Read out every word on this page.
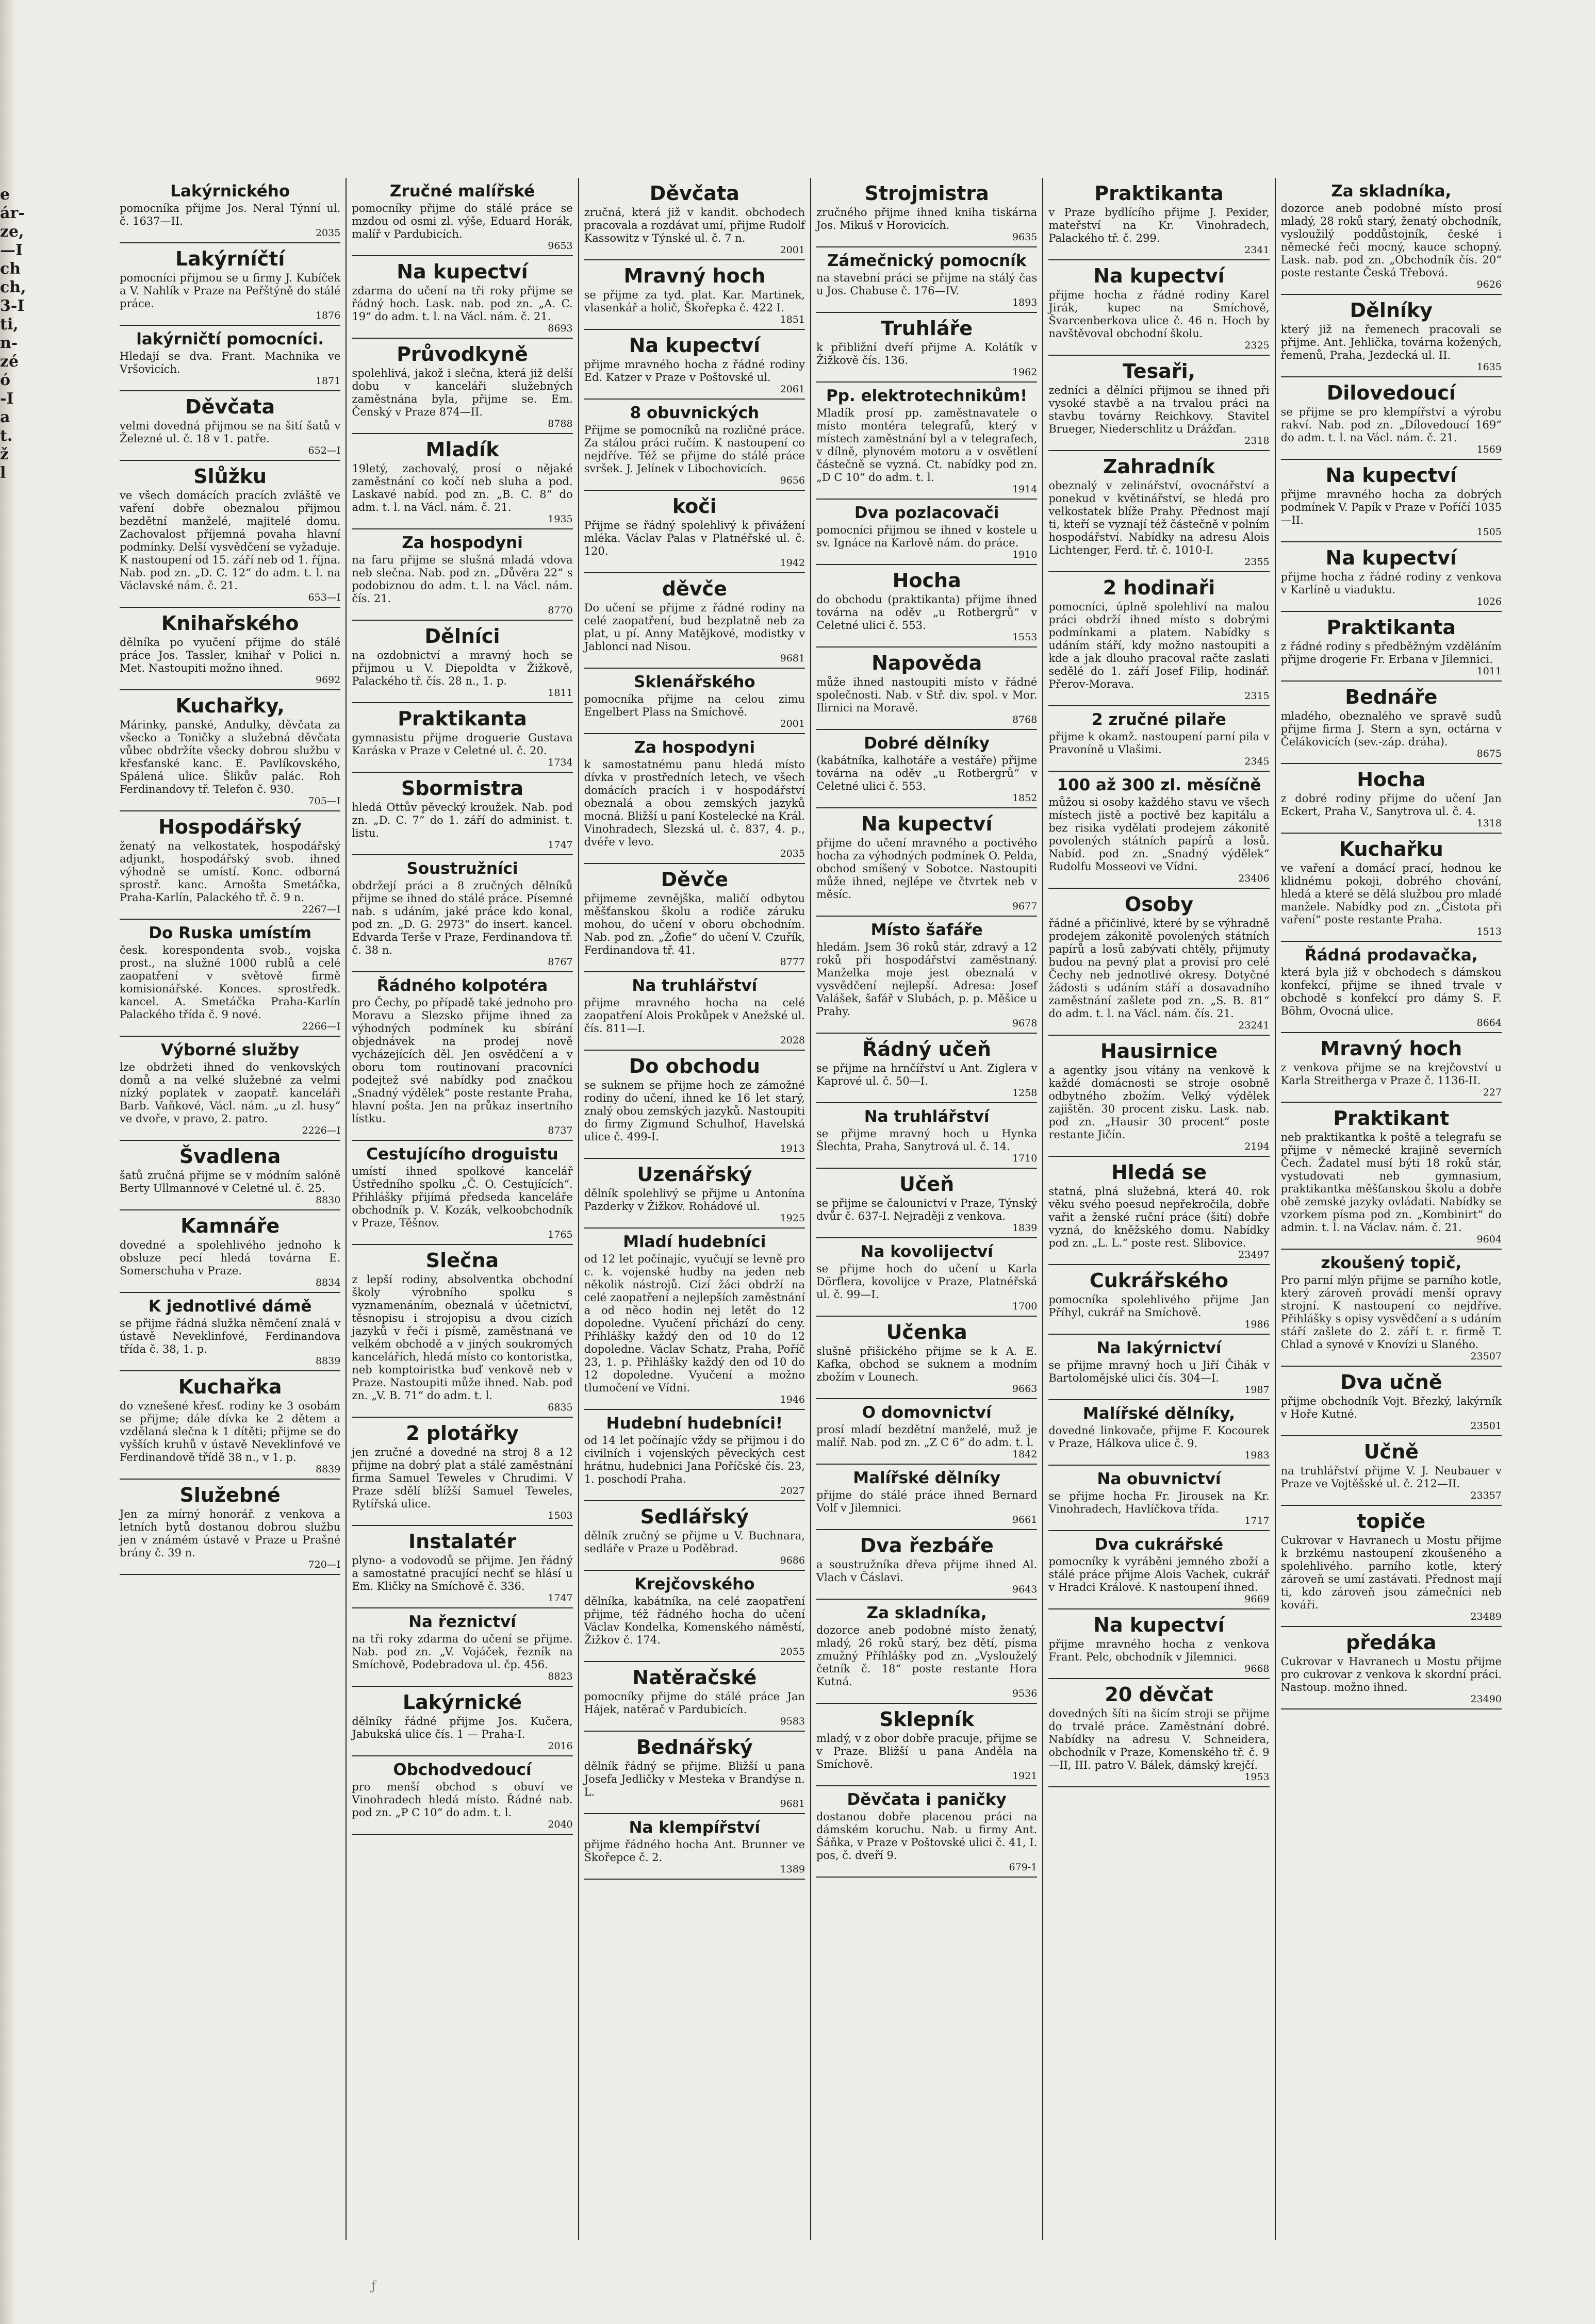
e
ár-
ze,
—I
ch
ch,
3-I
ti,
n-
zé
ó
-I
a
t.
ž
l
Lakýrnického

pomocníka přijme Jos. Neral Týnní ul. č. 1637—II.

2035
Lakýrníčtí

pomocníci přijmou se u firmy J. Kubíček a V. Nahlík v Praze na Peřštýně do stálé práce.

1876
lakýrničtí pomocníci.

Hledají se dva. Frant. Machnika ve Vršovicích.

1871
Děvčata

velmi dovedná přijmou se na šití šatů v Železné ul. č. 18 v 1. patře.

652—I
Slůžku

ve všech domácích pracích zvláště ve vaření dobře obeznalou přijmou bezdětní manželé, majitelé domu. Zachovalost příjemná povaha hlavní podmínky. Delší vysvědčení se vyžaduje. K nastoupení od 15. září neb od 1. října. Nab. pod zn. „D. C. 12“ do adm. t. l. na Václavské nám. č. 21.

653—I
Knihařského

dělníka po vyučení přijme do stálé práce Jos. Tassler, knihař v Polici n. Met. Nastoupiti možno ihned.

9692
Kuchařky,

Márinky, panské, Andulky, děvčata za všecko a Toničky a služebná děvčata vůbec obdržíte všecky dobrou službu v křesťanské kanc. E. Pavlíkovského, Spálená ulice. Šlikův palác. Roh Ferdinandovy tř. Telefon č. 930.

705—I
Hospodářský

ženatý na velkostatek, hospodářský adjunkt, hospodářský svob. ihned výhodně se umístí. Konc. odborná sprostř. kanc. Arnošta Smetáčka, Praha-Karlín, Palackého tř. č. 9 n.

2267—I
Do Ruska umístím

česk. korespondenta svob., vojska prost., na služné 1000 rublů a celé zaopatření v světově firmě komisionářské. Konces. sprostředk. kancel. A. Smetáčka Praha-Karlín Palackého třída č. 9 nové.

2266—I
Výborné služby

lze obdržeti ihned do venkovských domů a na velké služebné za velmi nízký poplatek v zaopatř. kanceláři Barb. Vaňkové, Václ. nám. „u zl. husy“ ve dvoře, v pravo, 2. patro.

2226—I
Švadlena

šatů zručná přijme se v módním salóně Berty Ullmannové v Celetné ul. č. 25.

8830
Kamnáře

dovedné a spolehlivého jednoho k obsluze pecí hledá továrna E. Somerschuha v Praze.

8834
K jednotlivé dámě

se přijme řádná služka němčení znalá v ústavě Neveklinfové, Ferdinandova třída č. 38, 1. p.

8839
Kuchařka

do vznešené křesť. rodiny ke 3 osobám se přijme; dále dívka ke 2 dětem a vzdělaná slečna k 1 dítěti; přijme se do vyšších kruhů v ústavě Neveklinfové ve Ferdinandově třídě 38 n., v 1. p.

8839
Služebné

Jen za mírný honorář. z venkova a letních bytů dostanou dobrou službu jen v známém ústavě v Praze u Prašné brány č. 39 n.

720—I
Zručné malířské

pomocníky přijme do stálé práce se mzdou od osmi zl. výše, Eduard Horák, malíř v Pardubicích.

9653
Na kupectví

zdarma do učení na tři roky přijme se řádný hoch. Lask. nab. pod zn. „A. C. 19“ do adm. t. l. na Václ. nám. č. 21.

8693
Průvodkyně

spolehlivá, jakož i slečna, která již delší dobu v kanceláři služebných zaměstnána byla, přijme se. Em. Čenský v Praze 874—II.

8788
Mladík

19letý, zachovalý, prosí o nějaké zaměstnání co kočí neb sluha a pod. Laskavé nabíd. pod zn. „B. C. 8“ do adm. t. l. na Václ. nám. č. 21.

1935
Za hospodyni

na faru přijme se slušná mladá vdova neb slečna. Nab. pod zn. „Důvěra 22“ s podobiznou do adm. t. l. na Václ. nám. čís. 21.

8770
Dělníci

na ozdobnictví a mravný hoch se přijmou u V. Diepoldta v Žižkově, Palackého tř. čís. 28 n., 1. p.

1811
Praktikanta

gymnasistu přijme droguerie Gustava Karáska v Praze v Celetné ul. č. 20.

1734
Sbormistra

hledá Ottův pěvecký kroužek. Nab. pod zn. „D. C. 7“ do 1. září do administ. t. listu.

1747
Soustružníci

obdržejí práci a 8 zručných dělníků přijme se ihned do stálé práce. Písemné nab. s udáním, jaké práce kdo konal, pod zn. „D. G. 2973“ do insert. kancel. Edvarda Terše v Praze, Ferdinandova tř. č. 38 n.

8767
Řádného kolpotéra

pro Čechy, po případě také jednoho pro Moravu a Slezsko přijme ihned za výhodných podmínek ku sbírání objednávek na prodej nově vycházejících děl. Jen osvědčení a v oboru tom routinovaní pracovníci podejtež své nabídky pod značkou „Snadný výdělek“ poste restante Praha, hlavní pošta. Jen na průkaz insertního lístku.

8737
Cestujícího droguistu

umístí ihned spolkové kancelář Ústředního spolku „Č. O. Cestujících“. Přihlášky přijímá předseda kanceláře obchodník p. V. Kozák, velkoobchodník v Praze, Těšnov.

1765
Slečna

z lepší rodiny, absolventka obchodní školy výrobního spolku s vyznamenáním, obeznalá v účetnictví, těsnopisu i strojopisu a dvou cizích jazyků v řeči i písmě, zaměstnaná ve velkém obchodě a v jiných soukromých kancelářích, hledá místo co kontoristka, neb komptoiristka buď venkově neb v Praze. Nastoupiti může ihned. Nab. pod zn. „V. B. 71“ do adm. t. l.

6835
2 plotářky

jen zručné a dovedné na stroj 8 a 12 přijme na dobrý plat a stálé zaměstnání firma Samuel Teweles v Chrudimi. V Praze sdělí blížší Samuel Teweles, Rytířská ulice.

1503
Instalatér

plyno- a vodovodů se přijme. Jen řádný a samostatné pracující nechť se hlásí u Em. Kličky na Smíchově č. 336.

1747
Na řeznictví

na tři roky zdarma do učení se přijme. Nab. pod zn. „V. Vojáček, řezník na Smíchově, Podebradova ul. čp. 456.

8823
Lakýrnické

dělníky řádné přijme Jos. Kučera, Jabukská ulice čís. 1 — Praha-I.

2016
Obchodvedoucí

pro menší obchod s obuví ve Vinohradech hledá místo. Řádné nab. pod zn. „P C 10“ do adm. t. l.

2040
Děvčata

zručná, která již v kandit. obchodech pracovala a rozdávat umí, přijme Rudolf Kassowitz v Týnské ul. č. 7 n.

2001
Mravný hoch

se přijme za tyd. plat. Kar. Martinek, vlasenkář a holič, Škořepka č. 422 I.

1851
Na kupectví

přijme mravného hocha z řádné rodiny Ed. Katzer v Praze v Poštovské ul.

2061
8 obuvnických

Přijme se pomocníků na rozličné práce. Za stálou práci ručím. K nastoupení co nejdříve. Též se přijme do stálé práce svršek. J. Jelínek v Libochovicích.

9656
koči

Přijme se řádný spolehlivý k přivážení mléka. Václav Palas v Platnéřské ul. č. 120.

1942
děvče

Do učení se přijme z řádné rodiny na celé zaopatření, bud bezplatně neb za plat, u pí. Anny Matějkové, modistky v Jablonci nad Nisou.

9681
Sklenářského

pomocníka přijme na celou zimu Engelbert Plass na Smíchově.

2001
Za hospodyni

k samostatnému panu hledá místo dívka v prostředních letech, ve všech domácích pracích i v hospodářství obeznalá a obou zemských jazyků mocná. Bližší u paní Kostelecké na Král. Vinohradech, Slezská ul. č. 837, 4. p., dvéře v levo.

2035
Děvče

přijmeme zevnějška, maličí odbytou měšťanskou školu a rodiče záruku mohou, do učení v oboru obchodním. Nab. pod zn. „Žofie“ do učení V. Czuřík, Ferdinandova tř. 41.

8777
Na truhlářství

přijme mravného hocha na celé zaopatření Alois Prokůpek v Anežské ul. čís. 811—I.

2028
Do obchodu

se suknem se přijme hoch ze zámožné rodiny do učení, ihned ke 16 let starý, znalý obou zemských jazyků. Nastoupiti do firmy Zigmund Schulhof, Havelská ulice č. 499-I.

1913
Uzenářský

dělník spolehlivý se přijme u Antonína Pazderky v Žižkov. Rohádové ul.

1925
Mladí hudebníci

od 12 let počínajíc, vyučují se levně pro c. k. vojenské hudby na jeden neb několik nástrojů. Cizí žáci obdrží na celé zaopatření a nejlepších zaměstnání a od něco hodin nej letět do 12 dopoledne. Vyučení přichází do ceny. Přihlášky každý den od 10 do 12 dopoledne. Václav Schatz, Praha, Poříč 23, 1. p. Přihlášky každý den od 10 do 12 dopoledne. Vyučení a možno tlumočení ve Vídni.

1946
Hudební hudebníci!

od 14 let počínajíc vždy se přijmou i do civilních i vojenských pěveckých cest hrátnu, hudebnici Jana Poříčské čís. 23, 1. poschodí Praha.

2027
Sedlářský

dělník zručný se přijme u V. Buchnara, sedláře v Praze u Poděbrad.

9686
Krejčovského

dělníka, kabátníka, na celé zaopatření přijme, též řádného hocha do učení Václav Kondelka, Komenského náměstí, Žižkov č. 174.

2055
Natěračské

pomocníky přijme do stálé práce Jan Hájek, natěrač v Pardubicích.

9583
Bednářský

dělník řádný se přijme. Bližší u pana Josefa Jedličky v Mesteka v Brandýse n. L.

9681
Na klempířství

přijme řádného hocha Ant. Brunner ve Škořepce č. 2.

1389
Strojmistra

zručného přijme ihned kniha tiskárna Jos. Mikuš v Horovicích.

9635
Zámečnický pomocník

na stavební práci se přijme na stálý čas u Jos. Chabuse č. 176—IV.

1893
Truhláře

k přibližní dveří přijme A. Kolátík v Žižkově čís. 136.

1962
Pp. elektrotechnikům!

Mladík prosí pp. zaměstnavatele o místo montéra telegrafů, který v místech zaměstnání byl a v telegrafech, v dílně, plynovém motoru a v osvětlení částečně se vyzná. Ct. nabídky pod zn. „D C 10“ do adm. t. l.

1914
Dva pozlacovači

pomocníci přijmou se ihned v kostele u sv. Ignáce na Karlově nám. do práce.

1910
Hocha

do obchodu (praktikanta) přijme ihned továrna na oděv „u Rotbergrů“ v Celetné ulici č. 553.

1553
Napověda

může ihned nastoupiti místo v řádné společnosti. Nab. v Stř. div. spol. v Mor. Ilirnici na Moravě.

8768
Dobré dělníky

(kabátníka, kalhotáře a vestáře) přijme továrna na oděv „u Rotbergrů“ v Celetné ulici č. 553.

1852
Na kupectví

přijme do učení mravného a poctivého hocha za výhodných podmínek O. Pelda, obchod smíšený v Sobotce. Nastoupiti může ihned, nejlépe ve čtvrtek neb v měsíc.

9677
Místo šafáře

hledám. Jsem 36 roků stár, zdravý a 12 roků při hospodářství zaměstnaný. Manželka moje jest obeznalá v vysvědčení nejlepší. Adresa: Josef Valášek, šafář v Slubách, p. p. Měšice u Prahy.

9678
Řádný učeň

se přijme na hrnčířství u Ant. Ziglera v Kaprové ul. č. 50—I.

1258
Na truhlářství

se přijme mravný hoch u Hynka Šlechta, Praha, Sanytrová ul. č. 14.

1710
Učeň

se přijme se čalounictví v Praze, Týnský dvůr č. 637-I. Nejraději z venkova.

1839
Na kovolijectví

se přijme hoch do učení u Karla Dörflera, kovolijce v Praze, Platnéřská ul. č. 99—I.

1700
Učenka

slušně přišického přijme se k A. E. Kafka, obchod se suknem a modním zbožím v Lounech.

9663
O domovnictví

prosí mladí bezdětní manželé, muž je malíř. Nab. pod zn. „Z C 6“ do adm. t. l.

1842
Malířské dělníky

přijme do stálé práce ihned Bernard Volf v Jilemnici.

9661
Dva řezbáře

a soustružníka dřeva přijme ihned Al. Vlach v Čáslavi.

9643
Za skladníka,

dozorce aneb podobné místo ženatý, mladý, 26 roků starý, bez dětí, písma zmužný Příhlášky pod zn. „Vyslouželý četník č. 18“ poste restante Hora Kutná.

9536
Sklepník

mladý, v z obor dobře pracuje, přijme se v Praze. Bližší u pana Anděla na Smíchově.

1921
Děvčata i paničky

dostanou dobře placenou práci na dámském koruchu. Nab. u firmy Ant. Šáňka, v Praze v Poštovské ulici č. 41, I. pos, č. dveří 9.

679-1
Praktikanta

v Praze bydlícího přijme J. Pexider, mateřství na Kr. Vinohradech, Palackého tř. č. 299.

2341
Na kupectví

přijme hocha z řádné rodiny Karel Jirák, kupec na Smíchově, Švarcenberkova ulice č. 46 n. Hoch by navštěvoval obchodní školu.

2325
Tesaři,

zedníci a dělníci přijmou se ihned při vysoké stavbě a na trvalou práci na stavbu továrny Reichkovy. Stavitel Brueger, Niederschlitz u Drážďan.

2318
Zahradník

obeznalý v zelinářství, ovocnářství a ponekud v květinářství, se hledá pro velkostatek blíže Prahy. Přednost mají ti, kteří se vyznají též částečně v polním hospodářství. Nabídky na adresu Alois Lichtenger, Ferd. tř. č. 1010-I.

2355
2 hodinaři

pomocníci, úplně spolehliví na malou práci obdrží ihned místo s dobrými podmínkami a platem. Nabídky s udáním stáří, kdy možno nastoupiti a kde a jak dlouho pracoval račte zaslati sedělé do 1. září Josef Filip, hodinář. Přerov-Morava.

2315
2 zručné pilaře

přijme k okamž. nastoupení parní pila v Pravoníně u Vlašimi.

2345
100 až 300 zl. měsíčně

můžou si osoby každého stavu ve všech místech jistě a poctivě bez kapitálu a bez risika vydělati prodejem zákonitě povolených státních papírů a losů. Nabíd. pod zn. „Snadný výdělek“ Rudolfu Mosseovi ve Vídni.

23406
Osoby

řádné a přičinlivé, které by se výhradně prodejem zákonitě povolených státních papírů a losů zabývati chtěly, přijmuty budou na pevný plat a provisí pro celé Čechy neb jednotlivé okresy. Dotyčné žádosti s udáním stáří a dosavadního zaměstnání zašlete pod zn. „S. B. 81“ do adm. t. l. na Václ. nám. čís. 21.

23241
Hausirnice

a agentky jsou vítány na venkově k každé domácnosti se stroje osobně odbytného zbožím. Velký výdělek zajištěn. 30 procent zisku. Lask. nab. pod zn. „Hausir 30 procent“ poste restante Jičín.

2194
Hledá se

statná, plná služebná, která 40. rok věku svého poesud nepřekročila, dobře vařit a ženské ruční práce (šití) dobře vyzná, do kněžského domu. Nabídky pod zn. „L. L.“ poste rest. Slibovice.

23497
Cukrářského

pomocníka spolehlivého přijme Jan Příhyl, cukrář na Smíchově.

1986
Na lakýrnictví

se přijme mravný hoch u Jiří Čihák v Bartolomějské ulici čís. 304—I.

1987
Malířské dělníky,

dovedné linkovače, přijme F. Kocourek v Praze, Hálkova ulice č. 9.

1983
Na obuvnictví

se přijme hocha Fr. Jirousek na Kr. Vinohradech, Havlíčkova třída.

1717
Dva cukrářské

pomocníky k vyráběni jemného zboží a stálé práce přijme Alois Vachek, cukrář v Hradci Králové. K nastoupení ihned.

9669
Na kupectví

přijme mravného hocha z venkova Frant. Pelc, obchodník v Jilemnici.

9668
20 děvčat

dovedných šíti na šicím stroji se přijme do trvalé práce. Zaměstnání dobré. Nabídky na adresu V. Schneidera, obchodník v Praze, Komenského tř. č. 9—II, III. patro V. Bálek, dámský krejčí.

1953
Za skladníka,

dozorce aneb podobné místo prosí mladý, 28 roků starý, ženatý obchodník, vysloužilý poddůstojník, české i německé řeči mocný, kauce schopný. Lask. nab. pod zn. „Obchodník čís. 20“ poste restante Česká Třebová.

9626
Dělníky

který již na řemenech pracovali se přijme. Ant. Jehlička, továrna kožených, řemenů, Praha, Jezdecká ul. II.

1635
Dilovedoucí

se přijme se pro klempířství a výrobu rakví. Nab. pod zn. „Dílovedoucí 169“ do adm. t. l. na Václ. nám. č. 21.

1569
Na kupectví

přijme mravného hocha za dobrých podmínek V. Papík v Praze v Poříčí 1035—II.

1505
Na kupectví

přijme hocha z řádné rodiny z venkova v Karlíně u viaduktu.

1026
Praktikanta

z řádné rodiny s předběžným vzděláním přijme drogerie Fr. Erbana v Jilemnici.

1011
Bednáře

mladého, obeznalého ve spravě sudů přijme firma J. Stern a syn, octárna v Čelákovicích (sev.-záp. dráha).

8675
Hocha

z dobré rodiny přijme do učení Jan Eckert, Praha V., Sanytrova ul. č. 4.

1318
Kuchařku

ve vaření a domácí prací, hodnou ke klidnému pokoji, dobrého chování, hledá a které se dělá službou pro mladé manžele. Nabídky pod zn. „Čistota při vaření“ poste restante Praha.

1513
Řádná prodavačka,

která byla již v obchodech s dámskou konfekcí, přijme se ihned trvale v obchodě s konfekcí pro dámy S. F. Böhm, Ovocná ulice.

8664
Mravný hoch

z venkova přijme se na krejčovství u Karla Streitherga v Praze č. 1136-II.

227
Praktikant

neb praktikantka k poště a telegrafu se přijme v německé krajině severních Čech. Žadatel musí býti 18 roků stár, vystudovati neb gymnasium, praktikantka měšťanskou školu a dobře obě zemské jazyky ovládati. Nabídky se vzorkem písma pod zn. „Kombinirt“ do admin. t. l. na Václav. nám. č. 21.

9604
zkoušený topič,

Pro parní mlýn přijme se parního kotle, který zároveň provádí menší opravy strojní. K nastoupení co nejdříve. Přihlášky s opisy vysvědčení a s udáním stáří zašlete do 2. září t. r. firmě T. Chlad a synové v Knovízi u Slaného.

23507
Dva učně

přijme obchodník Vojt. Březký, lakýrník v Hoře Kutné.

23501
Učně

na truhlářství přijme V. J. Neubauer v Praze ve Vojtěšské ul. č. 212—II.

23357
topiče

Cukrovar v Havranech u Mostu přijme k brzkému nastoupení zkoušeného a spolehlivého. parního kotle, který zároveň se umí zastávati. Přednost mají ti, kdo zároveň jsou zámečníci neb kováři.

23489
předáka

Cukrovar v Havranech u Mostu přijme pro cukrovar z venkova k skordní práci. Nastoup. možno ihned.

23490
ƒ
